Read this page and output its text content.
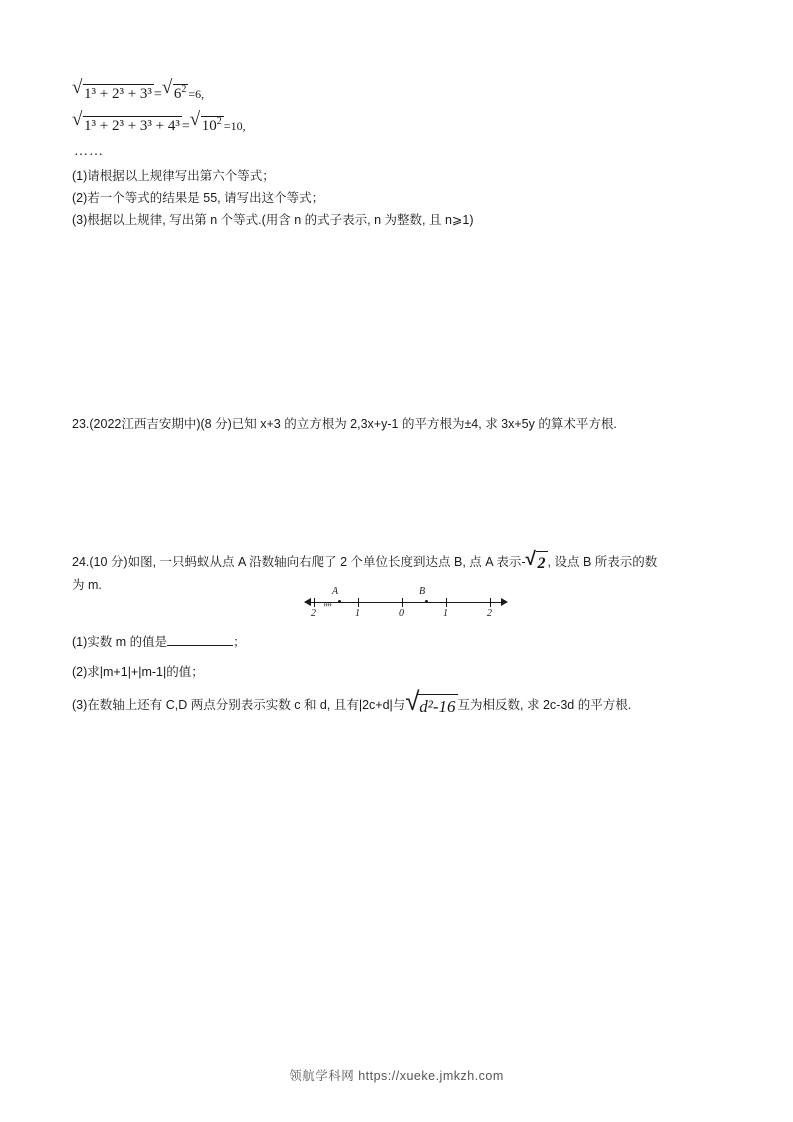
√ 1³ + 2³ + 3³ = √ $6^2 =6$,
√ 1³ + 2³ + 3³ + 4³ = √ $10^2 =10$,
……
(1)请根据以上规律写出第六个等式；
(2)若一个等式的结果是 55, 请写出这个等式；
(3)根据以上规律, 写出第 n 个等式.(用含 n 的式子表示, n 为整数, 且 n⩾1)
23.(2022江西吉安期中)(8 分)已知 x+3 的立方根为 2,3x+y-1 的平方根为±4, 求 3x+5y 的算术平方根.
24.(10 分)如图, 一只蚂蚁从点 A 沿数轴向右爬了 2 个单位长度到达点 B, 点 A 表示- √ 2 , 设点 B 所表示的数
为 m.
(1)实数 m 的值是	；
(2)求|m+1|+|m-1|的值；
(3)在数轴上还有 C,D 两点分别表示实数 c 和 d, 且有|2c+d|与 √ d²-16 互为相反数, 求 2c-3d 的平方根.
2	1	0	1	2
A	B
››››
领航学科网 https://xueke.jmkzh.com
